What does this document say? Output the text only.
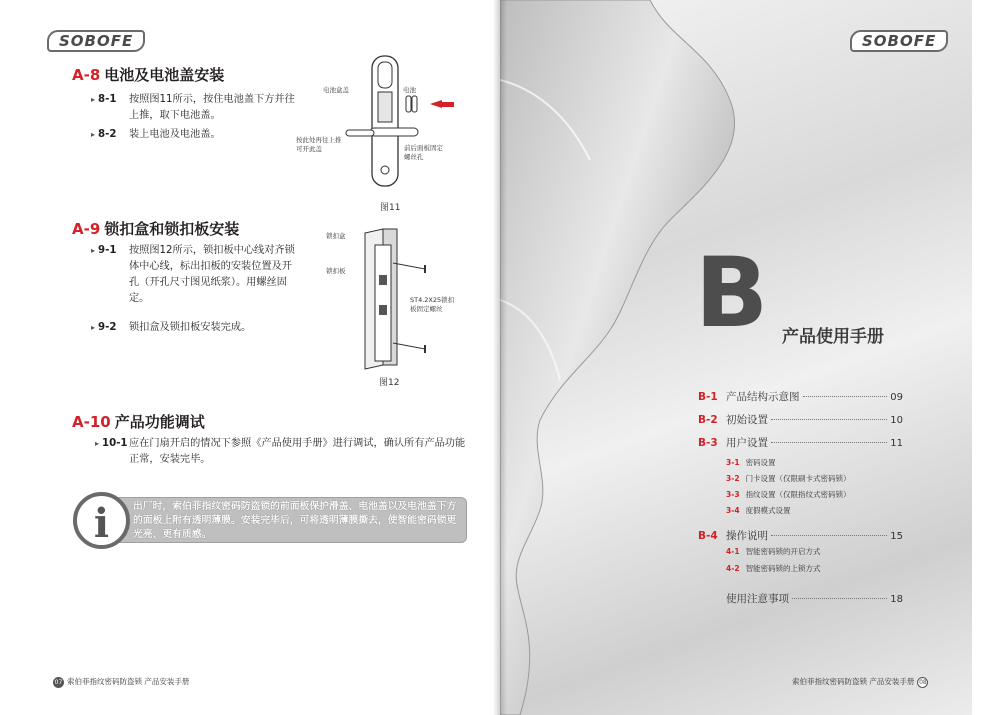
SOBOFE
A-8 电池及电池盖安装
▸ 8-1	按照图11所示，按住电池盖下方并往上推，取下电池盖。
▸ 8-2	装上电池及电池盖。
电池盒盖	电池
按此处再往上推可开此盖	前后面板固定螺丝孔
图11
A-9 锁扣盒和锁扣板安装
▸ 9-1	按照图12所示，锁扣板中心线对齐锁体中心线，标出扣板的安装位置及开孔（开孔尺寸图见纸浆）。用螺丝固定。
▸ 9-2	锁扣盒及锁扣板安装完成。
锁扣盒
锁扣板
ST4.2X25锁扣板固定螺丝
图12
A-10 产品功能调试
▸ 10-1 应在门扇开启的情况下参照《产品使用手册》进行调试，确认所有产品功能正常，安装完毕。
i	出厂时，索伯菲指纹密码防盗锁的前面板保护滑盖、电池盖以及电池盖下方的面板上附有透明薄膜。安装完毕后，可将透明薄膜撕去，使智能密码锁更光亮、更有质感。
07 索伯菲指纹密码防盗锁 产品安装手册
SOBOFE
B 产品使用手册
B-1 产品结构示意图	09
B-2 初始设置	10
B-3 用户设置	11
3-1 密码设置
3-2 门卡设置（仅限刷卡式密码锁）
3-3 指纹设置（仅限指纹式密码锁）
3-4 度假模式设置
B-4 操作说明	15
4-1 智能密码锁的开启方式
4-2 智能密码锁的上锁方式
使用注意事项	18
索伯菲指纹密码防盗锁 产品安装手册 08
